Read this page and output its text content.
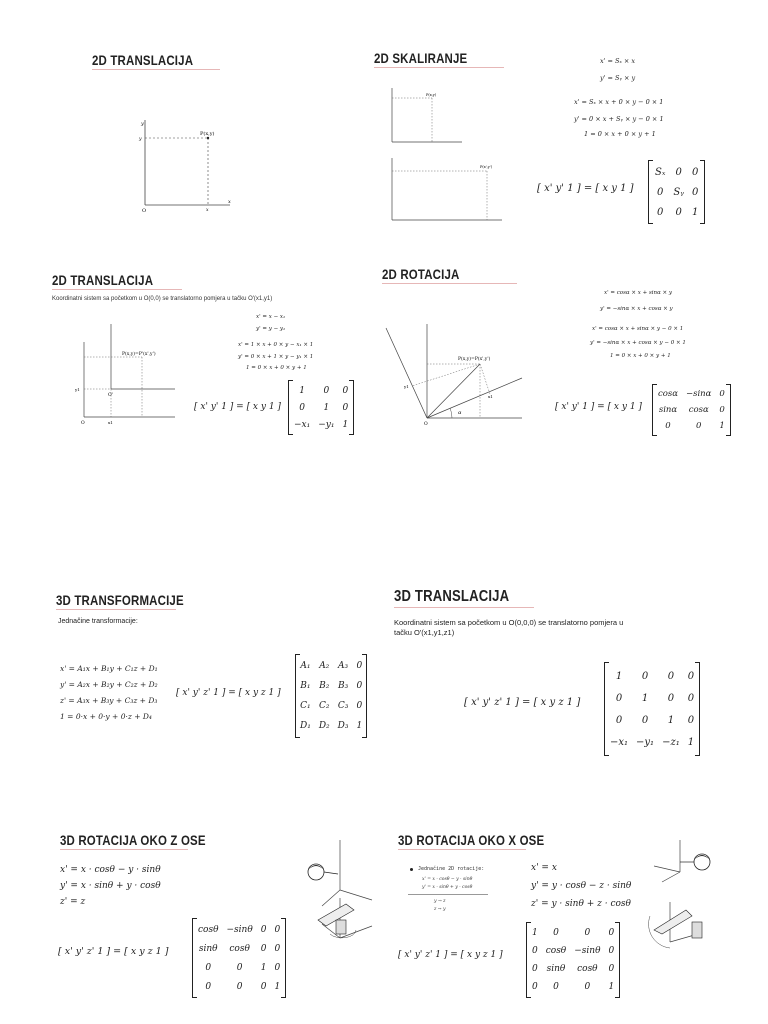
2D TRANSLACIJA
y
x
P(x,y)
y
x
O
2D SKALIRANJE
P(x,y)
P(x',y')
x' = Sₓ × x
y' = Sᵧ × y
x' = Sₓ × x + 0 × y − 0 × 1
y' = 0 × x + Sᵧ × y − 0 × 1
1 = 0 × x + 0 × y + 1
[ x' y' 1 ] = [ x y 1 ]
Sₓ	0	0
0	Sᵧ	0
0	0	1
2D TRANSLACIJA
Koordinatni sistem sa početkom u O(0,0) se translatorno pomjera u tačku O'(x1,y1)
P(x,y)=P'(x',y')
O'
O	x1
y1
x' = x − x₁
y' = y − y₁
x' = 1 × x + 0 × y − x₁ × 1
y' = 0 × x + 1 × y − y₁ × 1
1 = 0 × x + 0 × y + 1
[ x' y' 1 ] = [ x y 1 ]
1	0	0
0	1	0
−x₁	−y₁	1
2D ROTACIJA
P(x,y)=P(x',y')
α
O
x1
y1
x' = cosα × x + sinα × y
y' = −sinα × x + cosα × y
x' = cosα × x + sinα × y − 0 × 1
y' = −sinα × x + cosα × y − 0 × 1
1 = 0 × x + 0 × y + 1
[ x' y' 1 ] = [ x y 1 ]
cosα	−sinα	0
sinα	cosα	0
0	0	1
3D TRANSFORMACIJE
Jednačine transformacije:
x' = A₁x + B₁y + C₁z + D₁
y' = A₂x + B₂y + C₂z + D₂
z' = A₃x + B₃y + C₃z + D₃
1 = 0·x + 0·y + 0·z + D₄
[ x' y' z' 1 ] = [ x y z 1 ]
A₁	A₂	A₃	0
B₁	B₂	B₃	0
C₁	C₂	C₃	0
D₁	D₂	D₃	1
3D TRANSLACIJA
Koordinatni sistem sa početkom u O(0,0,0) se translatorno pomjera u tačku O'(x1,y1,z1)
[ x' y' z' 1 ] = [ x y z 1 ]
1	0	0	0
0	1	0	0
0	0	1	0
−x₁	−y₁	−z₁	1
3D ROTACIJA OKO Z OSE
x' = x · cosθ − y · sinθ
y' = x · sinθ + y · cosθ
z' = z
[ x' y' z' 1 ] = [ x y z 1 ]
cosθ	−sinθ	0	0
sinθ	cosθ	0	0
0	0	1	0
0	0	0	1
3D ROTACIJA OKO X OSE
Jednačine 2D rotacije:
x' = x · cosθ − y · sinθ
y' = x · sinθ + y · cosθ
y → z
z → y
x' = x
y' = y · cosθ − z · sinθ
z' = y · sinθ + z · cosθ
[ x' y' z' 1 ] = [ x y z 1 ]
1	0	0	0
0	cosθ	−sinθ	0
0	sinθ	cosθ	0
0	0	0	1
